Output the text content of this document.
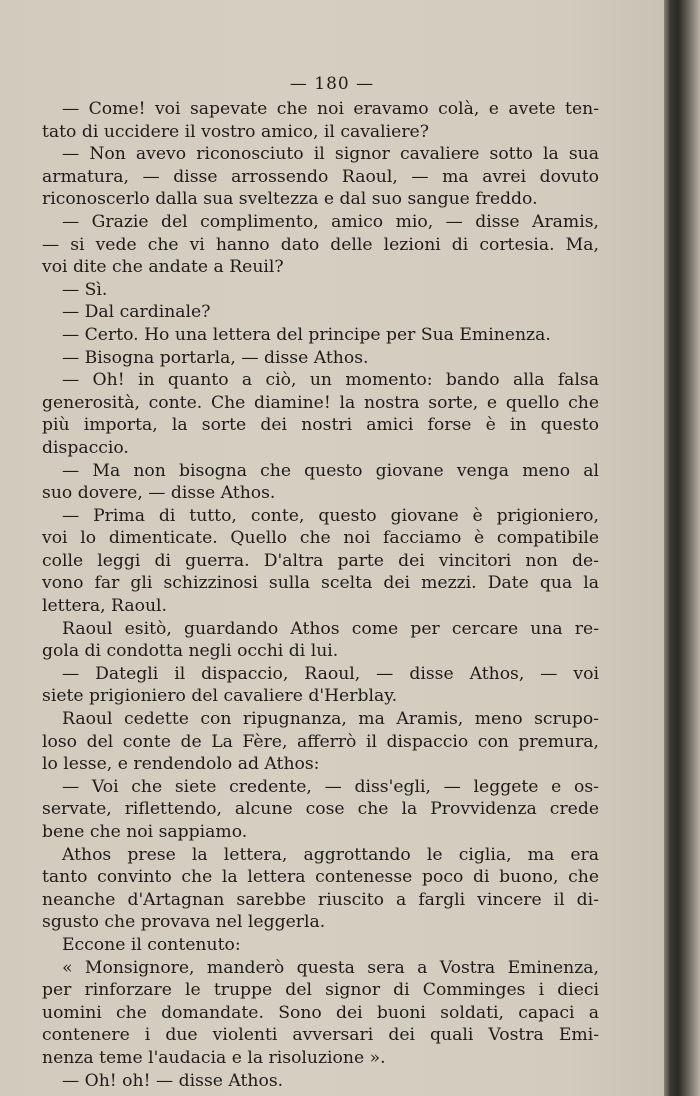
— 180 —
— Come! voi sapevate che noi eravamo colà, e avete ten-
tato di uccidere il vostro amico, il cavaliere?
— Non avevo riconosciuto il signor cavaliere sotto la sua
armatura, — disse arrossendo Raoul, — ma avrei dovuto
riconoscerlo dalla sua sveltezza e dal suo sangue freddo.
— Grazie del complimento, amico mio, — disse Aramis,
— si vede che vi hanno dato delle lezioni di cortesia. Ma,
voi dite che andate a Reuil?
— Sì.
— Dal cardinale?
— Certo. Ho una lettera del principe per Sua Eminenza.
— Bisogna portarla, — disse Athos.
— Oh! in quanto a ciò, un momento: bando alla falsa
generosità, conte. Che diamine! la nostra sorte, e quello che
più importa, la sorte dei nostri amici forse è in questo
dispaccio.
— Ma non bisogna che questo giovane venga meno al
suo dovere, — disse Athos.
— Prima di tutto, conte, questo giovane è prigioniero,
voi lo dimenticate. Quello che noi facciamo è compatibile
colle leggi di guerra. D'altra parte dei vincitori non de-
vono far gli schizzinosi sulla scelta dei mezzi. Date qua la
lettera, Raoul.
Raoul esitò, guardando Athos come per cercare una re-
gola di condotta negli occhi di lui.
— Dategli il dispaccio, Raoul, — disse Athos, — voi
siete prigioniero del cavaliere d'Herblay.
Raoul cedette con ripugnanza, ma Aramis, meno scrupo-
loso del conte de La Fère, afferrò il dispaccio con premura,
lo lesse, e rendendolo ad Athos:
— Voi che siete credente, — diss'egli, — leggete e os-
servate, riflettendo, alcune cose che la Provvidenza crede
bene che noi sappiamo.
Athos prese la lettera, aggrottando le ciglia, ma era
tanto convinto che la lettera contenesse poco di buono, che
neanche d'Artagnan sarebbe riuscito a fargli vincere il di-
sgusto che provava nel leggerla.
Eccone il contenuto:
« Monsignore, manderò questa sera a Vostra Eminenza,
per rinforzare le truppe del signor di Comminges i dieci
uomini che domandate. Sono dei buoni soldati, capaci a
contenere i due violenti avversari dei quali Vostra Emi-
nenza teme l'audacia e la risoluzione ».
— Oh! oh! — disse Athos.
